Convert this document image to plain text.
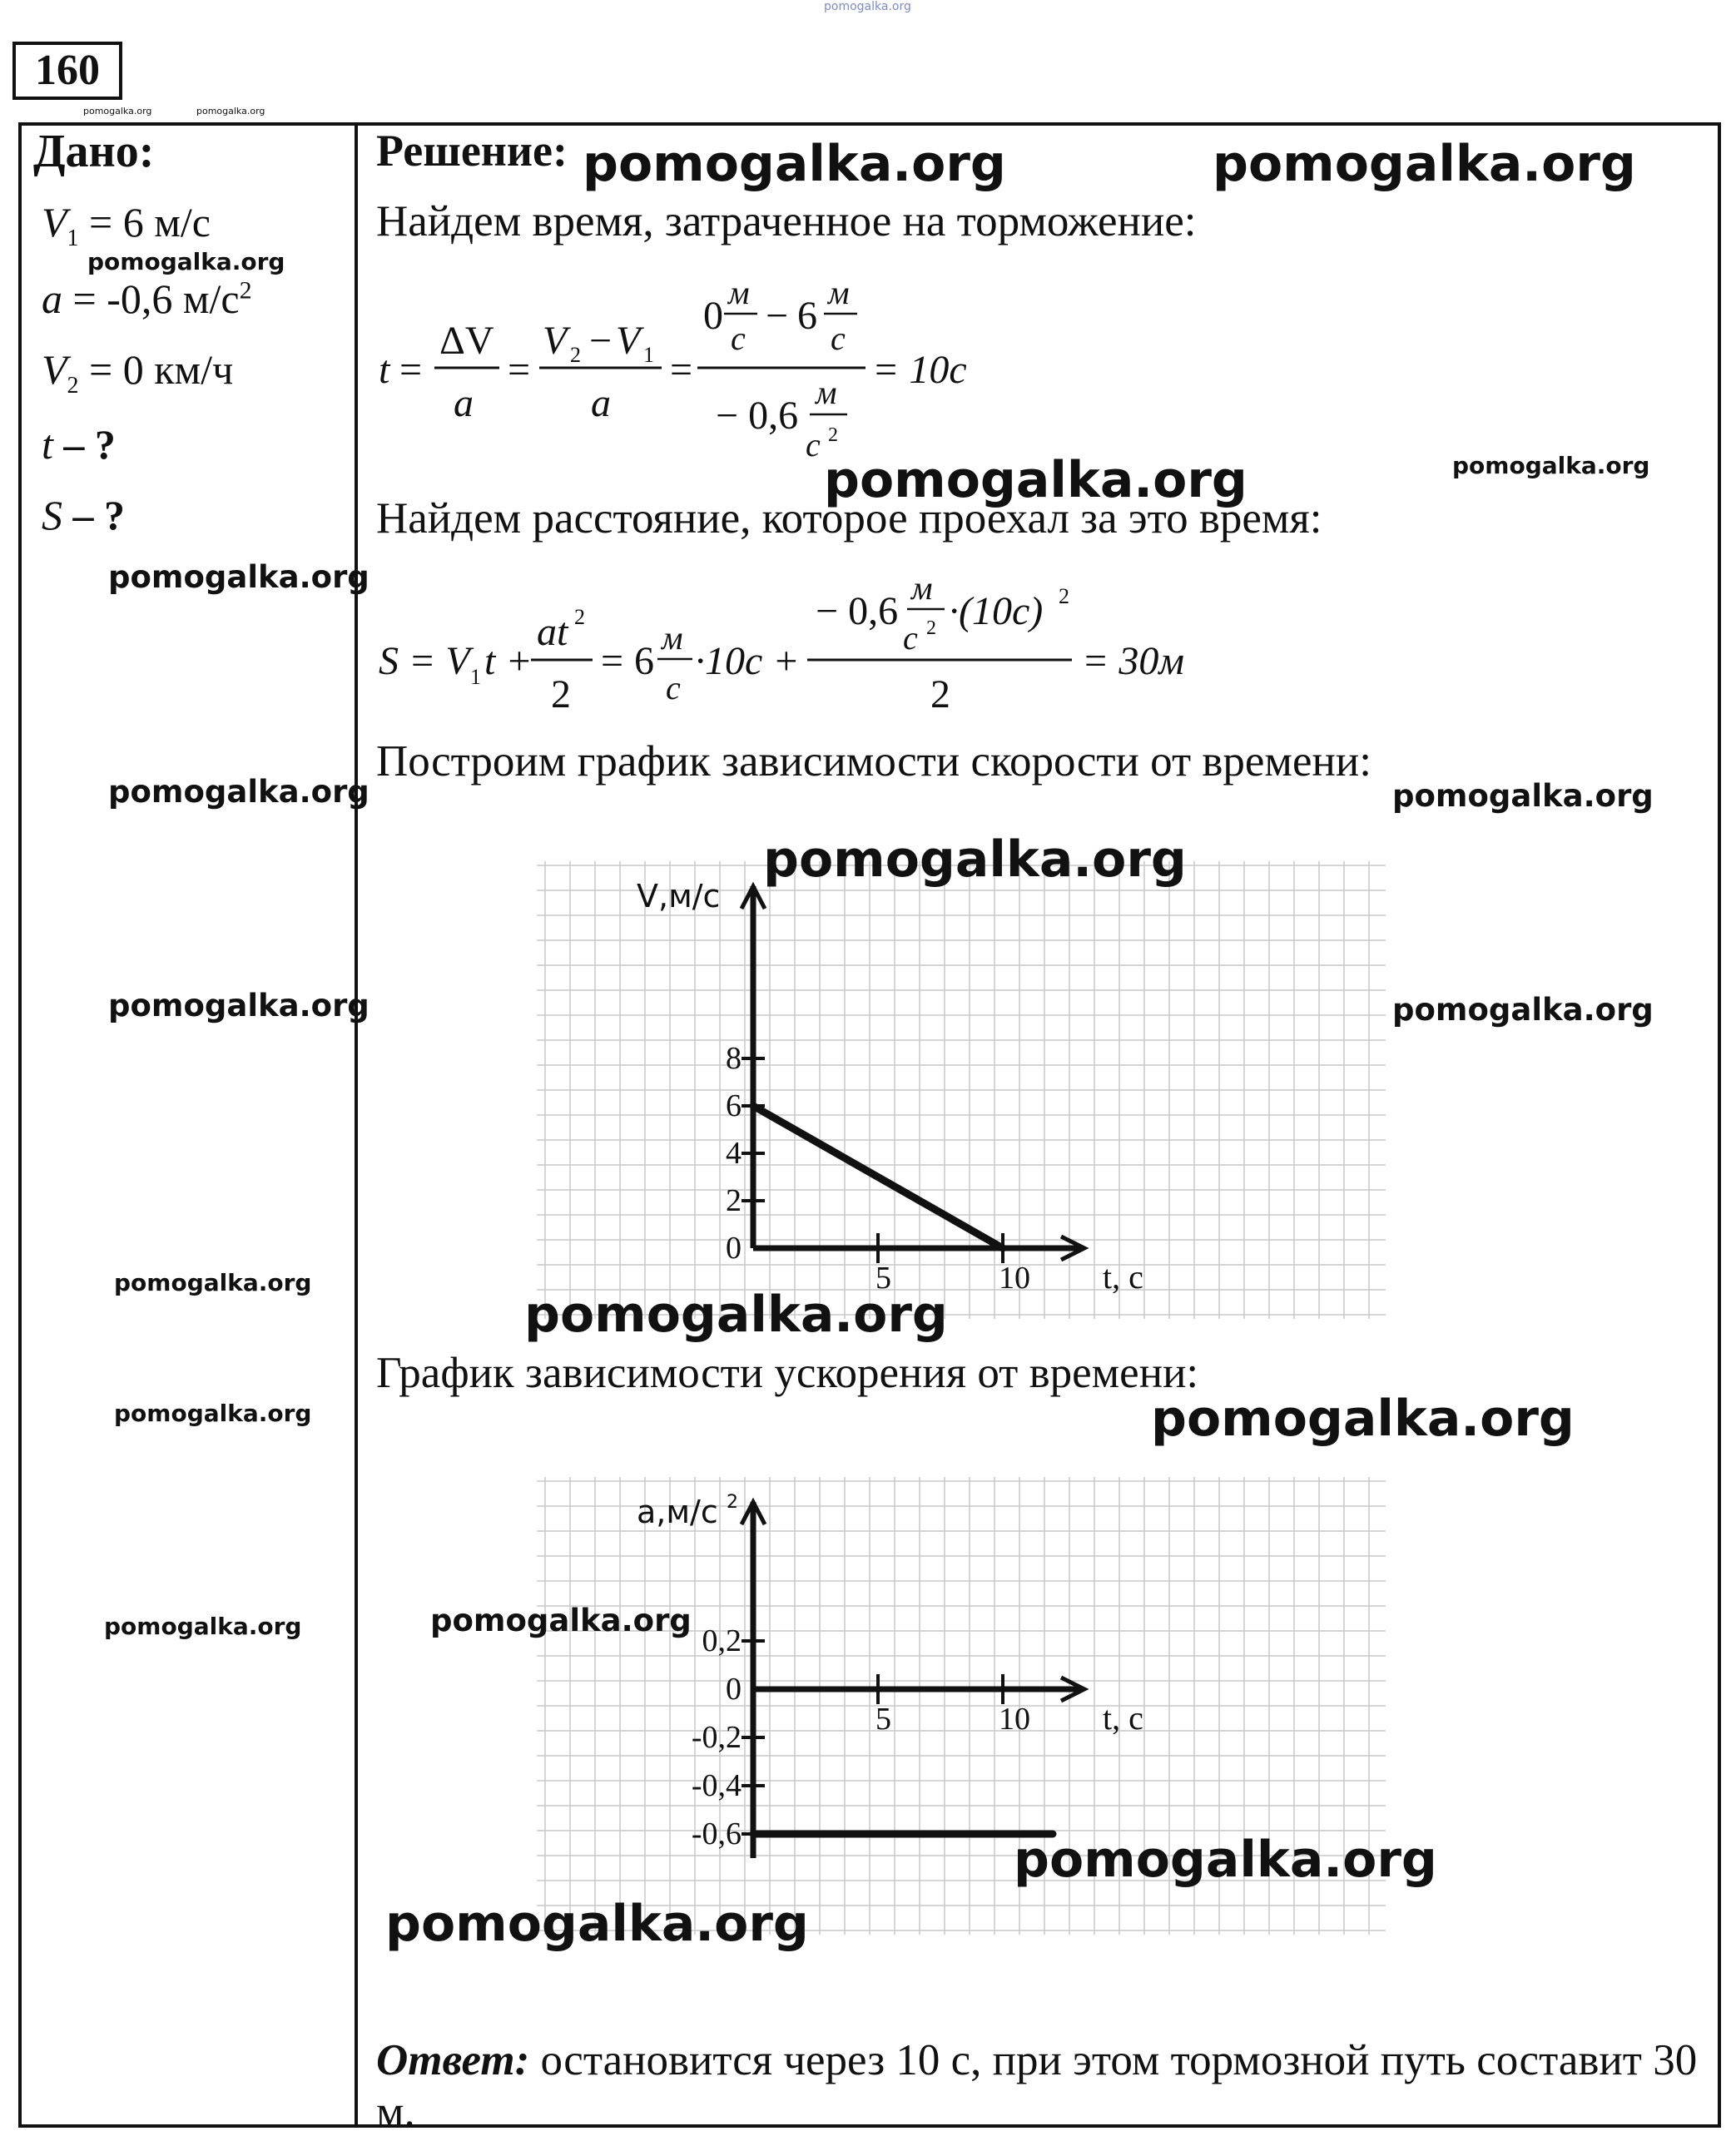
pomogalka.org
160
pomogalka.org	pomogalka.org
Дано:
$V_1 = 6$ м/с
a = -0,6 $м/с^2$
$V_2 = 0$ км/ч
t – ?
S – ?
Решение:
Найдем время, затраченное на торможение:
t =
ΔV
a
=
V 2 − V 1
a
=
0
м
c
− 6
м
c
− 0,6
м
c 2
= 10c
Найдем расстояние, которое проехал за это время:
S = V 1 t +
at 2
2
= 6
м
c
·10c +
− 0,6
м
c 2 ·(10c) 2
2
= 30м
Построим график зависимости скорости от времени:
V,м/с
t, с
5	10
0
2
4
6
8
График зависимости ускорения от времени:
a,м/с 2
t, с
5	10
0,2
0
-0,2
-0,4
-0,6
Ответ: остановится через 10 с, при этом тормозной путь составит 30 м.
pomogalka.org	pomogalka.org
pomogalka.org
pomogalka.org	pomogalka.org
pomogalka.org
pomogalka.org	pomogalka.org
pomogalka.org
pomogalka.org	pomogalka.org
pomogalka.org
pomogalka.org
pomogalka.org	pomogalka.org
pomogalka.org	pomogalka.org
pomogalka.org
pomogalka.org
